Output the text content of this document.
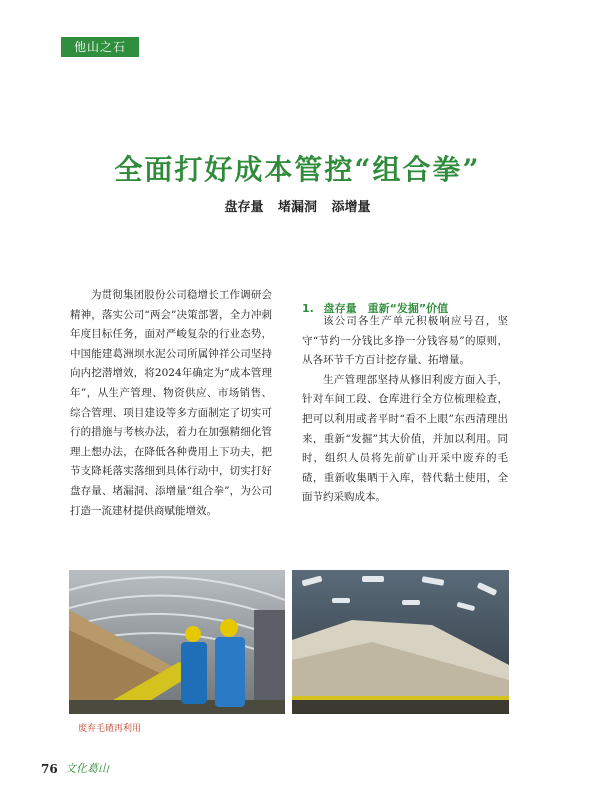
他山之石
全面打好成本管控“组合拳”
盘存量 堵漏洞 添增量

为贯彻集团股份公司稳增长工作调研会精神，落实公司“两会”决策部署，全力冲刺年度目标任务，面对严峻复杂的行业态势，中国能建葛洲坝水泥公司所属钟祥公司坚持向内挖潜增效，将2024年确定为“成本管理年”，从生产管理、物资供应、市场销售、综合管理、项目建设等多方面制定了切实可行的措施与考核办法，着力在加强精细化管理上想办法，在降低各种费用上下功夫，把节支降耗落实落细到具体行动中，切实打好盘存量、堵漏洞、添增量“组合拳”，为公司打造一流建材提供商赋能增效。

1. 盘存量　重新“发掘”价值

该公司各生产单元积极响应号召，坚守“节约一分钱比多挣一分钱容易”的原则，从各环节千方百计挖存量、拓增量。

生产管理部坚持从修旧利废方面入手，针对车间工段、仓库进行全方位梳理检查，把可以利用或者平时“看不上眼”东西清理出来，重新“发掘”其大价值，并加以利用。同时，组织人员将先前矿山开采中废弃的毛碴，重新收集晒干入库，替代黏土使用，全面节约采购成本。

废弃毛碴再利用
76 文化葛山
